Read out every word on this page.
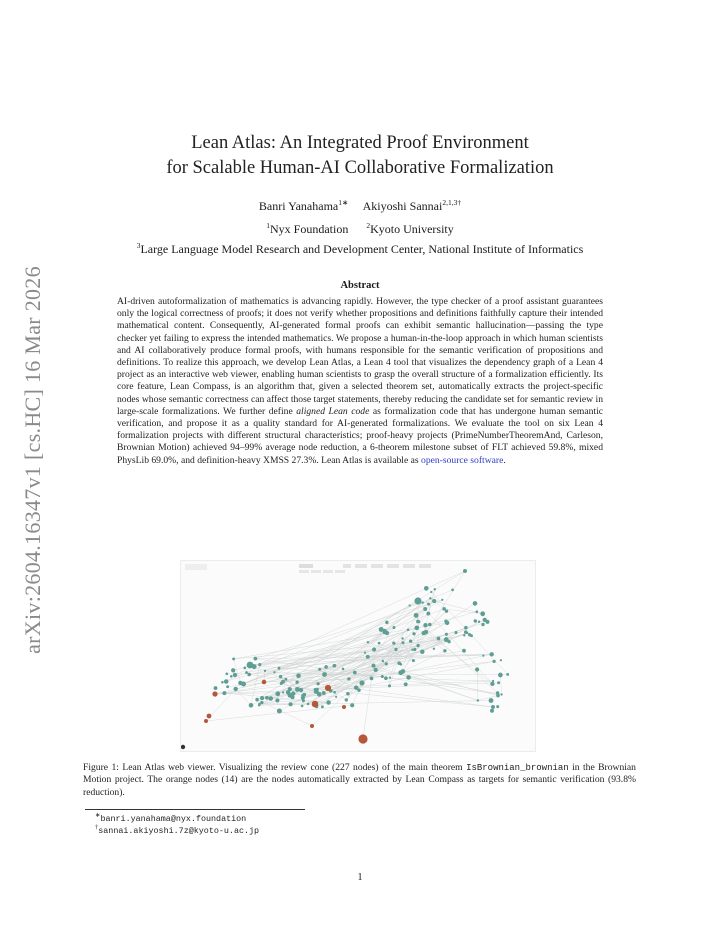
arXiv:2604.16347v1 [cs.HC] 16 Mar 2026
Lean Atlas: An Integrated Proof Environment
for Scalable Human-AI Collaborative Formalization
Banri Yanahama$^{1∗}$ Akiyoshi Sannai$^{2,1,3\dagger}$
$^1$Nyx Foundation $^2$Kyoto University
$^3$Large Language Model Research and Development Center, National Institute of Informatics
Abstract
AI-driven autoformalization of mathematics is advancing rapidly. However, the type checker of a proof assistant guarantees only the logical correctness of proofs; it does not verify whether propositions and definitions faithfully capture their intended mathematical content. Consequently, AI-generated formal proofs can exhibit semantic hallucination—passing the type checker yet failing to express the intended mathematics. We propose a human-in-the-loop approach in which human scientists and AI collaboratively produce formal proofs, with humans responsible for the semantic verification of propositions and definitions. To realize this approach, we develop Lean Atlas, a Lean 4 tool that visualizes the dependency graph of a Lean 4 project as an interactive web viewer, enabling human scientists to grasp the overall structure of a formalization efficiently. Its core feature, Lean Compass, is an algorithm that, given a selected theorem set, automatically extracts the project-specific nodes whose semantic correctness can affect those target statements, thereby reducing the candidate set for semantic review in large-scale formalizations. We further define aligned Lean code as formalization code that has undergone human semantic verification, and propose it as a quality standard for AI-generated formalizations. We evaluate the tool on six Lean 4 formalization projects with different structural characteristics; proof-heavy projects (PrimeNumberTheoremAnd, Carleson, Brownian Motion) achieved 94–99% average node reduction, a 6-theorem milestone subset of FLT achieved 59.8%, mixed PhysLib 69.0%, and definition-heavy XMSS 27.3%. Lean Atlas is available as open-source software.
Figure 1: Lean Atlas web viewer. Visualizing the review cone (227 nodes) of the main theorem IsBrownian_brownian in the Brownian Motion project. The orange nodes (14) are the nodes automatically extracted by Lean Compass as targets for semantic verification (93.8% reduction).
∗banri.yanahama@nyx.foundation
†sannai.akiyoshi.7z@kyoto-u.ac.jp
1
